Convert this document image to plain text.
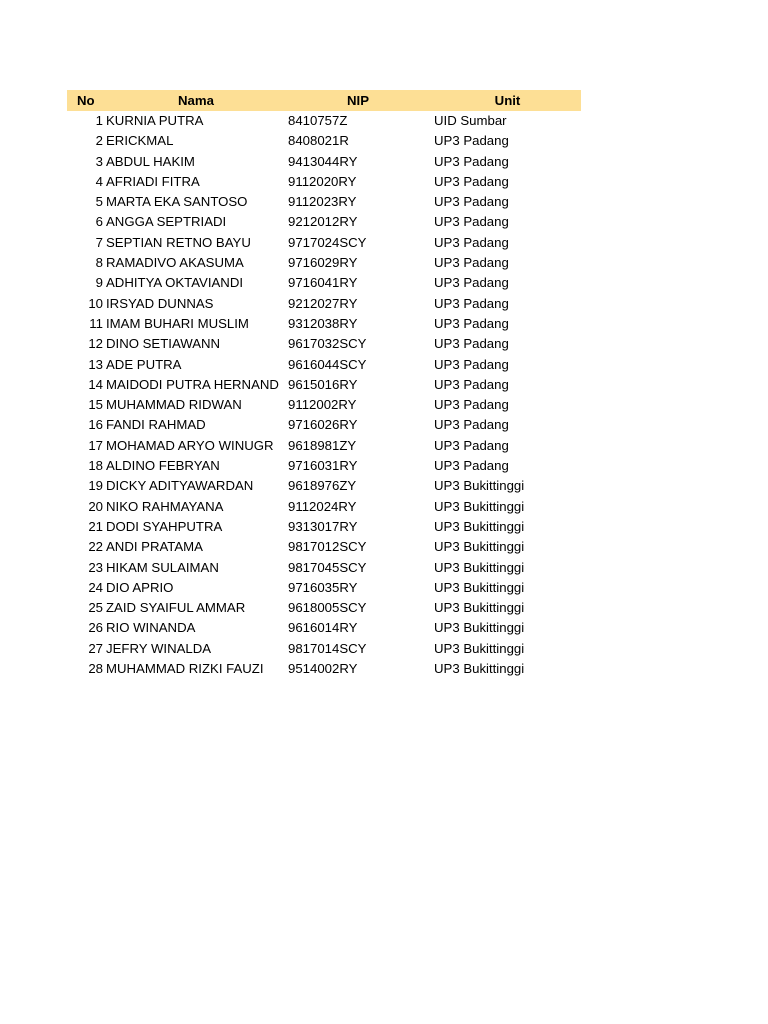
No	Nama	NIP	Unit
1 KURNIA PUTRA	8410757Z	UID Sumbar
2 ERICKMAL	8408021R	UP3 Padang
3 ABDUL HAKIM	9413044RY	UP3 Padang
4 AFRIADI FITRA	9112020RY	UP3 Padang
5 MARTA EKA SANTOSO	9112023RY	UP3 Padang
6 ANGGA SEPTRIADI	9212012RY	UP3 Padang
7 SEPTIAN RETNO BAYU	9717024SCY	UP3 Padang
8 RAMADIVO AKASUMA	9716029RY	UP3 Padang
9 ADHITYA OKTAVIANDI	9716041RY	UP3 Padang
10 IRSYAD DUNNAS	9212027RY	UP3 Padang
11 IMAM BUHARI MUSLIM	9312038RY	UP3 Padang
12 DINO SETIAWANN	9617032SCY	UP3 Padang
13 ADE PUTRA	9616044SCY	UP3 Padang
14 MAIDODI PUTRA HERNAND 9615016RY	UP3 Padang
15 MUHAMMAD RIDWAN	9112002RY	UP3 Padang
16 FANDI RAHMAD	9716026RY	UP3 Padang
17 MOHAMAD ARYO WINUGR	9618981ZY	UP3 Padang
18 ALDINO FEBRYAN	9716031RY	UP3 Padang
19 DICKY ADITYAWARDAN	9618976ZY	UP3 Bukittinggi
20 NIKO RAHMAYANA	9112024RY	UP3 Bukittinggi
21 DODI SYAHPUTRA	9313017RY	UP3 Bukittinggi
22 ANDI PRATAMA	9817012SCY	UP3 Bukittinggi
23 HIKAM SULAIMAN	9817045SCY	UP3 Bukittinggi
24 DIO APRIO	9716035RY	UP3 Bukittinggi
25 ZAID SYAIFUL AMMAR	9618005SCY	UP3 Bukittinggi
26 RIO WINANDA	9616014RY	UP3 Bukittinggi
27 JEFRY WINALDA	9817014SCY	UP3 Bukittinggi
28 MUHAMMAD RIZKI FAUZI	9514002RY	UP3 Bukittinggi
